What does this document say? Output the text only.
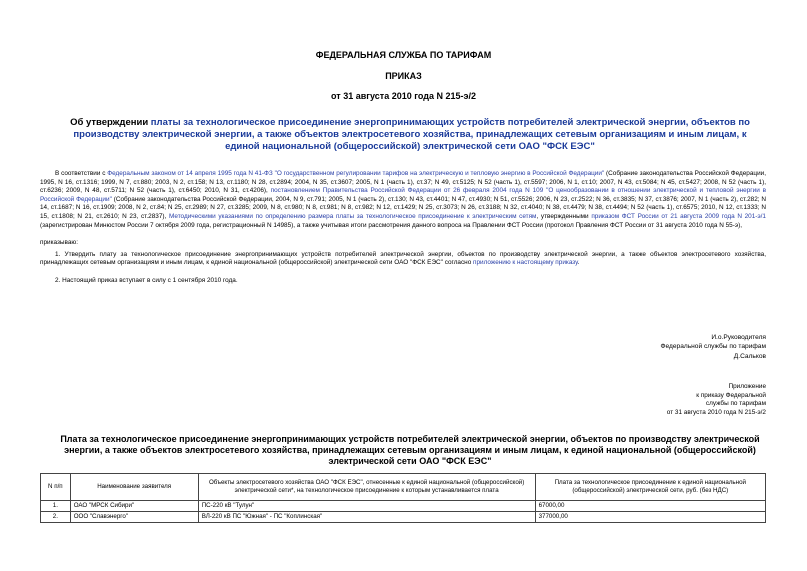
ФЕДЕРАЛЬНАЯ СЛУЖБА ПО ТАРИФАМ
ПРИКАЗ
от 31 августа 2010 года N 215-э/2
Об утверждении платы за технологическое присоединение энергопринимающих устройств потребителей электрической энергии, объектов по производству электрической энергии, а также объектов электросетевого хозяйства, принадлежащих сетевым организациям и иным лицам, к единой национальной (общероссийской) электрической сети ОАО "ФСК ЕЭС"

В соответствии с Федеральным законом от 14 апреля 1995 года N 41-ФЗ "О государственном регулировании тарифов на электрическую и тепловую энергию в Российской Федерации" (Собрание законодательства Российской Федерации, 1995, N 16, ст.1316; 1999, N 7, ст.880; 2003, N 2, ст.158; N 13, ст.1180; N 28, ст.2894; 2004, N 35, ст.3607; 2005, N 1 (часть 1), ст.37; N 49, ст.5125; N 52 (часть 1), ст.5597; 2006, N 1, ст.10; 2007, N 43, ст.5084; N 45, ст.5427; 2008, N 52 (часть 1), ст.6236; 2009, N 48, ст.5711; N 52 (часть 1), ст.6450; 2010, N 31, ст.4206), постановлением Правительства Российской Федерации от 26 февраля 2004 года N 109 "О ценообразовании в отношении электрической и тепловой энергии в Российской Федерации" (Собрание законодательства Российской Федерации, 2004, N 9, ст.791; 2005, N 1 (часть 2), ст.130; N 43, ст.4401; N 47, ст.4930; N 51, ст.5526; 2006, N 23, ст.2522; N 36, ст.3835; N 37, ст.3876; 2007, N 1 (часть 2), ст.282; N 14, ст.1687; N 16, ст.1909; 2008, N 2, ст.84; N 25, ст.2989; N 27, ст.3285; 2009, N 8, ст.980; N 8, ст.981; N 8, ст.982; N 12, ст.1429; N 25, ст.3073; N 26, ст.3188; N 32, ст.4040; N 38, ст.4479; N 38, ст.4494; N 52 (часть 1), ст.6575; 2010, N 12, ст.1333; N 15, ст.1808; N 21, ст.2610; N 23, ст.2837), Методическими указаниями по определению размера платы за технологическое присоединение к электрическим сетям, утвержденными приказом ФСТ России от 21 августа 2009 года N 201-э/1 (зарегистрирован Минюстом России 7 октября 2009 года, регистрационный N 14985), а также учитывая итоги рассмотрения данного вопроса на Правлении ФСТ России (протокол Правления ФСТ России от 31 августа 2010 года N 55-э),

приказываю:

1. Утвердить плату за технологическое присоединение энергопринимающих устройств потребителей электрической энергии, объектов по производству электрической энергии, а также объектов электросетевого хозяйства, принадлежащих сетевым организациям и иным лицам, к единой национальной (общероссийской) электрической сети ОАО "ФСК ЕЭС" согласно приложению к настоящему приказу.

2. Настоящий приказ вступает в силу с 1 сентября 2010 года.

И.о.Руководителя
Федеральной службы по тарифам
Д.Сальков
Приложение
к приказу Федеральной
службы по тарифам
от 31 августа 2010 года N 215-э/2
Плата за технологическое присоединение энергопринимающих устройств потребителей электрической энергии, объектов по производству электрической энергии, а также объектов электросетевого хозяйства, принадлежащих сетевым организациям и иным лицам, к единой национальной (общероссийской) электрической сети ОАО "ФСК ЕЭС"
N п/п	Наименование заявителя	Объекты электросетевого хозяйства ОАО "ФСК ЕЭС", отнесенные к единой национальной (общероссийской) электрической сети*, на технологическое присоединение к которым устанавливается плата	Плата за технологическое присоединение к единой национальной (общероссийской) электрической сети, руб. (без НДС)
1.	ОАО "МРСК Сибири"	ПС-220 кВ "Тулун"	67000,00
2.	ООО "Славэнерго"	ВЛ-220 кВ ПС "Южная" - ПС "Коплинская"	377000,00
